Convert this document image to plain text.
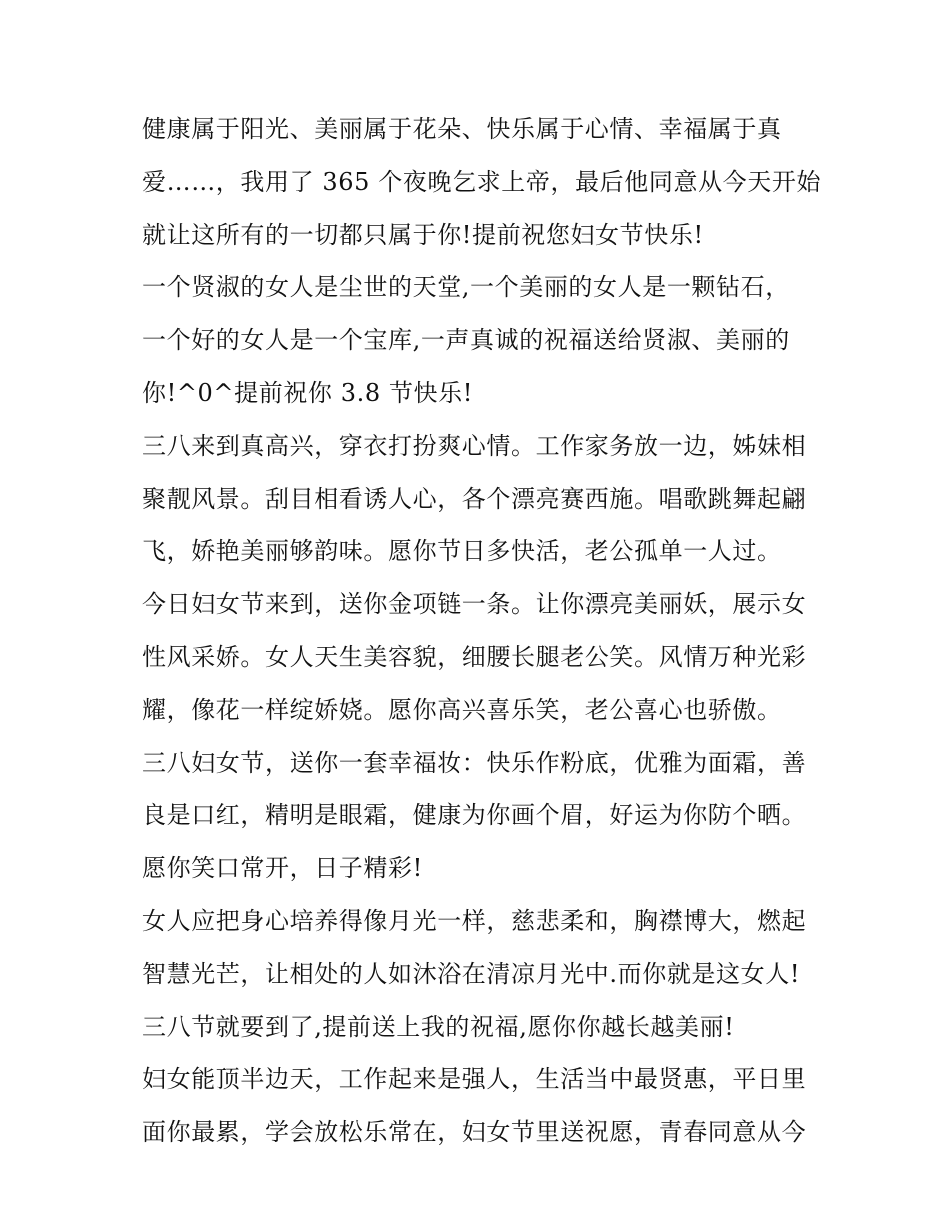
健康属于阳光、美丽属于花朵、快乐属于心情、幸福属于真
爱……，我用了 365 个夜晚乞求上帝，最后他同意从今天开始
就让这所有的一切都只属于你!提前祝您妇女节快乐!
一个贤淑的女人是尘世的天堂,一个美丽的女人是一颗钻石，
一个好的女人是一个宝库,一声真诚的祝福送给贤淑、美丽的
你!^0^提前祝你 3.8 节快乐!
三八来到真高兴，穿衣打扮爽心情。工作家务放一边，姊妹相
聚靓风景。刮目相看诱人心，各个漂亮赛西施。唱歌跳舞起翩
飞，娇艳美丽够韵味。愿你节日多快活，老公孤单一人过。
今日妇女节来到，送你金项链一条。让你漂亮美丽妖，展示女
性风采娇。女人天生美容貌，细腰长腿老公笑。风情万种光彩
耀，像花一样绽娇娆。愿你高兴喜乐笑，老公喜心也骄傲。
三八妇女节，送你一套幸福妆：快乐作粉底，优雅为面霜，善
良是口红，精明是眼霜，健康为你画个眉，好运为你防个晒。
愿你笑口常开，日子精彩!
女人应把身心培养得像月光一样，慈悲柔和，胸襟博大，燃起
智慧光芒，让相处的人如沐浴在清凉月光中.而你就是这女人!
三八节就要到了,提前送上我的祝福,愿你你越长越美丽!
妇女能顶半边天，工作起来是强人，生活当中最贤惠，平日里
面你最累，学会放松乐常在，妇女节里送祝愿，青春同意从今
